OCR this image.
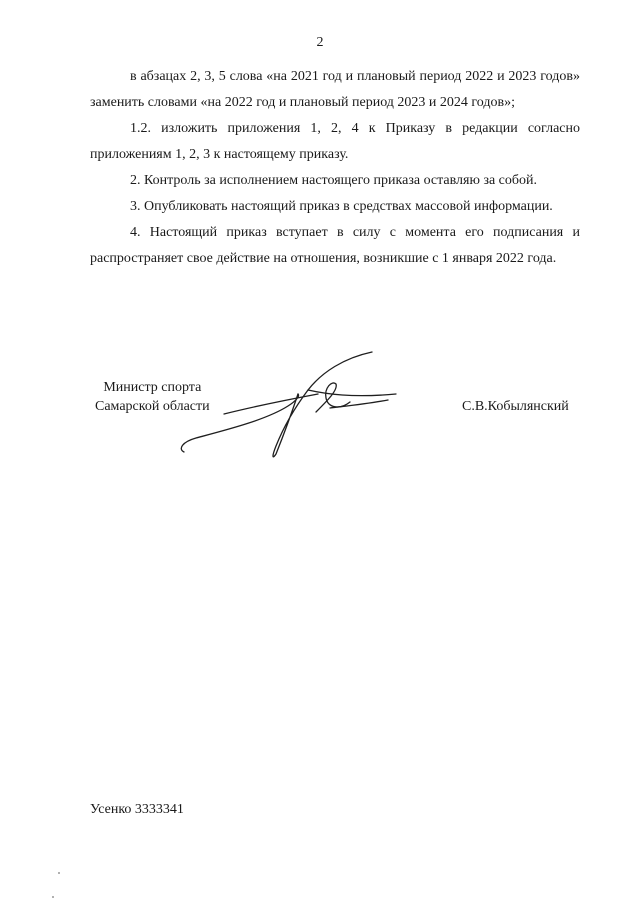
2

в абзацах 2, 3, 5 слова «на 2021 год и плановый период 2022 и 2023 годов» заменить словами «на 2022 год и плановый период 2023 и 2024 годов»;

1.2. изложить приложения 1, 2, 4 к Приказу в редакции согласно приложениям 1, 2, 3 к настоящему приказу.

2. Контроль за исполнением настоящего приказа оставляю за собой.

3. Опубликовать настоящий приказ в средствах массовой информации.

4. Настоящий приказ вступает в силу с момента его подписания и распространяет свое действие на отношения, возникшие с 1 января 2022 года.

Министр спорта
Самарской области	С.В.Кобылянский
Усенко 3333341
